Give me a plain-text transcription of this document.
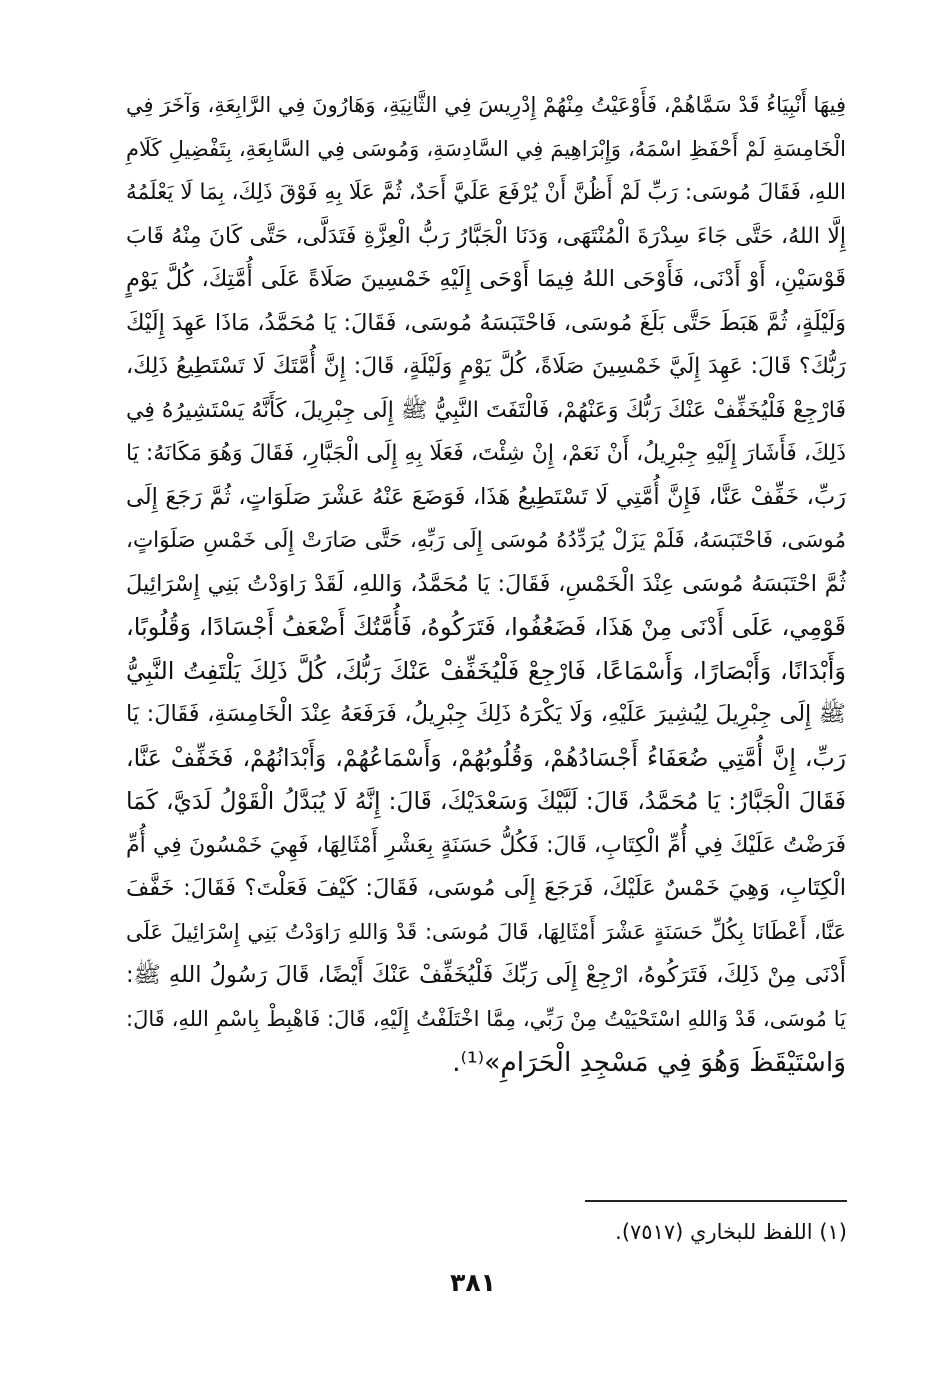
فِيهَا أَنْبِيَاءُ قَدْ سَمَّاهُمْ، فَأَوْعَيْتُ مِنْهُمْ إِدْرِيسَ فِي الثَّانِيَةِ، وَهَارُونَ فِي الرَّابِعَةِ، وَآخَرَ فِي
الْخَامِسَةِ لَمْ أَحْفَظِ اسْمَهُ، وَإِبْرَاهِيمَ فِي السَّادِسَةِ، وَمُوسَى فِي السَّابِعَةِ، بِتَفْضِيلِ كَلَامِ
اللهِ، فَقَالَ مُوسَى: رَبِّ لَمْ أَظُنَّ أَنْ يُرْفَعَ عَلَيَّ أَحَدٌ، ثُمَّ عَلَا بِهِ فَوْقَ ذَلِكَ، بِمَا لَا يَعْلَمُهُ
إِلَّا اللهُ، حَتَّى جَاءَ سِدْرَةَ الْمُنْتَهَى، وَدَنَا الْجَبَّارُ رَبُّ الْعِزَّةِ فَتَدَلَّى، حَتَّى كَانَ مِنْهُ قَابَ
قَوْسَيْنِ، أَوْ أَدْنَى، فَأَوْحَى اللهُ فِيمَا أَوْحَى إِلَيْهِ خَمْسِينَ صَلَاةً عَلَى أُمَّتِكَ، كُلَّ يَوْمٍ
وَلَيْلَةٍ، ثُمَّ هَبَطَ حَتَّى بَلَغَ مُوسَى، فَاحْتَبَسَهُ مُوسَى، فَقَالَ: يَا مُحَمَّدُ، مَاذَا عَهِدَ إِلَيْكَ
رَبُّكَ؟ قَالَ: عَهِدَ إِلَيَّ خَمْسِينَ صَلَاةً، كُلَّ يَوْمٍ وَلَيْلَةٍ، قَالَ: إِنَّ أُمَّتَكَ لَا تَسْتَطِيعُ ذَلِكَ،
فَارْجِعْ فَلْيُخَفِّفْ عَنْكَ رَبُّكَ وَعَنْهُمْ، فَالْتَفَتَ النَّبِيُّ ﷺ إِلَى جِبْرِيلَ، كَأَنَّهُ يَسْتَشِيرُهُ فِي
ذَلِكَ، فَأَشَارَ إِلَيْهِ جِبْرِيلُ، أَنْ نَعَمْ، إِنْ شِئْتَ، فَعَلَا بِهِ إِلَى الْجَبَّارِ، فَقَالَ وَهُوَ مَكَانَهُ: يَا
رَبِّ، خَفِّفْ عَنَّا، فَإِنَّ أُمَّتِي لَا تَسْتَطِيعُ هَذَا، فَوَضَعَ عَنْهُ عَشْرَ صَلَوَاتٍ، ثُمَّ رَجَعَ إِلَى
مُوسَى، فَاحْتَبَسَهُ، فَلَمْ يَزَلْ يُرَدِّدُهُ مُوسَى إِلَى رَبِّهِ، حَتَّى صَارَتْ إِلَى خَمْسِ صَلَوَاتٍ،
ثُمَّ احْتَبَسَهُ مُوسَى عِنْدَ الْخَمْسِ، فَقَالَ: يَا مُحَمَّدُ، وَاللهِ، لَقَدْ رَاوَدْتُ بَنِي إِسْرَائِيلَ
قَوْمِي، عَلَى أَدْنَى مِنْ هَذَا، فَضَعُفُوا، فَتَرَكُوهُ، فَأُمَّتُكَ أَضْعَفُ أَجْسَادًا، وَقُلُوبًا،
وَأَبْدَانًا، وَأَبْصَارًا، وَأَسْمَاعًا، فَارْجِعْ فَلْيُخَفِّفْ عَنْكَ رَبُّكَ، كُلَّ ذَلِكَ يَلْتَفِتُ النَّبِيُّ
ﷺ إِلَى جِبْرِيلَ لِيُشِيرَ عَلَيْهِ، وَلَا يَكْرَهُ ذَلِكَ جِبْرِيلُ، فَرَفَعَهُ عِنْدَ الْخَامِسَةِ، فَقَالَ: يَا
رَبِّ، إِنَّ أُمَّتِي ضُعَفَاءُ أَجْسَادُهُمْ، وَقُلُوبُهُمْ، وَأَسْمَاعُهُمْ، وَأَبْدَانُهُمْ، فَخَفِّفْ عَنَّا،
فَقَالَ الْجَبَّارُ: يَا مُحَمَّدُ، قَالَ: لَبَّيْكَ وَسَعْدَيْكَ، قَالَ: إِنَّهُ لَا يُبَدَّلُ الْقَوْلُ لَدَيَّ، كَمَا
فَرَضْتُ عَلَيْكَ فِي أُمِّ الْكِتَابِ، قَالَ: فَكُلُّ حَسَنَةٍ بِعَشْرِ أَمْثَالِهَا، فَهِيَ خَمْسُونَ فِي أُمِّ
الْكِتَابِ، وَهِيَ خَمْسٌ عَلَيْكَ، فَرَجَعَ إِلَى مُوسَى، فَقَالَ: كَيْفَ فَعَلْتَ؟ فَقَالَ: خَفَّفَ
عَنَّا، أَعْطَانَا بِكُلِّ حَسَنَةٍ عَشْرَ أَمْثَالِهَا، قَالَ مُوسَى: قَدْ وَاللهِ رَاوَدْتُ بَنِي إِسْرَائِيلَ عَلَى
أَدْنَى مِنْ ذَلِكَ، فَتَرَكُوهُ، ارْجِعْ إِلَى رَبِّكَ فَلْيُخَفِّفْ عَنْكَ أَيْضًا، قَالَ رَسُولُ اللهِ ﷺ:
يَا مُوسَى، قَدْ وَاللهِ اسْتَحْيَيْتُ مِنْ رَبِّي، مِمَّا اخْتَلَفْتُ إِلَيْهِ، قَالَ: فَاهْبِطْ بِاسْمِ اللهِ، قَالَ:
وَاسْتَيْقَظَ وَهُوَ فِي مَسْجِدِ الْحَرَامِ»⁽¹⁾.
(١) اللفظ للبخاري (٧٥١٧).
٣٨١
